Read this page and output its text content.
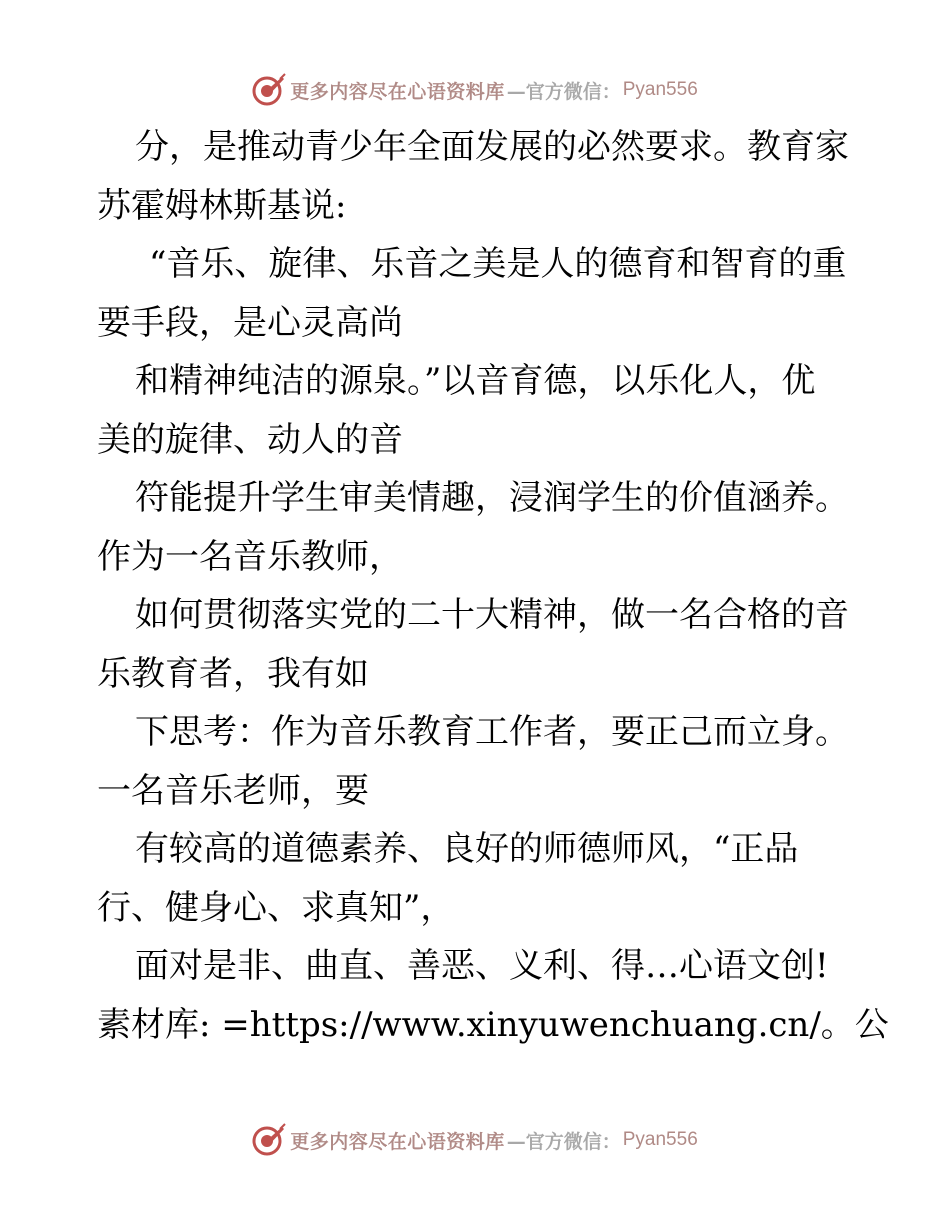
更多内容尽在心语资料库 —官方微信： Pyan556
分，是推动青少年全面发展的必然要求。教育家
苏霍姆林斯基说:
“音乐、旋律、乐音之美是人的德育和智育的重
要手段，是心灵高尚
和精神纯洁的源泉。”以音育德，以乐化人，优
美的旋律、动人的音
符能提升学生审美情趣，浸润学生的价值涵养。
作为一名音乐教师，
如何贯彻落实党的二十大精神，做一名合格的音
乐教育者，我有如
下思考：作为音乐教育工作者，要正己而立身。
一名音乐老师，要
有较高的道德素养、良好的师德师风，“正品
行、健身心、求真知”，
面对是非、曲直、善恶、义利、得…心语文创!
素材库: =https://www.xinyuwenchuang.cn/。公
更多内容尽在心语资料库 —官方微信： Pyan556
